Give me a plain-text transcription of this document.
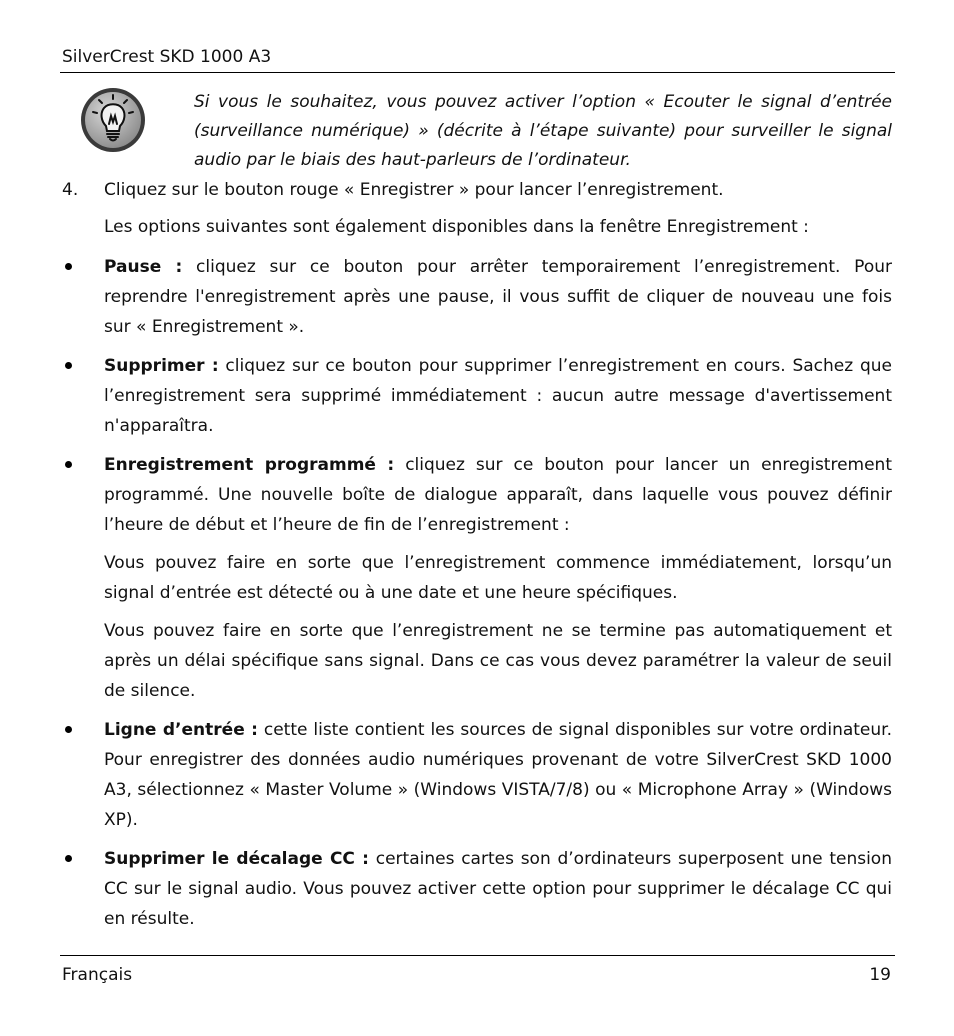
SilverCrest SKD 1000 A3
Si vous le souhaitez, vous pouvez activer l’option « Ecouter le signal d’entrée (surveillance numérique) » (décrite à l’étape suivante) pour surveiller le signal audio par le biais des haut-parleurs de l’ordinateur.
4. Cliquez sur le bouton rouge « Enregistrer » pour lancer l’enregistrement.
Les options suivantes sont également disponibles dans la fenêtre Enregistrement :
Pause : cliquez sur ce bouton pour arrêter temporairement l’enregistrement. Pour reprendre l'enregistrement après une pause, il vous suffit de cliquer de nouveau une fois sur « Enregistrement ».
Supprimer : cliquez sur ce bouton pour supprimer l’enregistrement en cours. Sachez que l’enregistrement sera supprimé immédiatement : aucun autre message d'avertissement n'apparaîtra.
Enregistrement programmé : cliquez sur ce bouton pour lancer un enregistrement programmé. Une nouvelle boîte de dialogue apparaît, dans laquelle vous pouvez définir l’heure de début et l’heure de fin de l’enregistrement :
Vous pouvez faire en sorte que l’enregistrement commence immédiatement, lorsqu’un signal d’entrée est détecté ou à une date et une heure spécifiques.
Vous pouvez faire en sorte que l’enregistrement ne se termine pas automatiquement et après un délai spécifique sans signal. Dans ce cas vous devez paramétrer la valeur de seuil de silence.
Ligne d’entrée : cette liste contient les sources de signal disponibles sur votre ordinateur. Pour enregistrer des données audio numériques provenant de votre SilverCrest SKD 1000 A3, sélectionnez « Master Volume » (Windows VISTA/7/8) ou « Microphone Array » (Windows XP).
Supprimer le décalage CC : certaines cartes son d’ordinateurs superposent une tension CC sur le signal audio. Vous pouvez activer cette option pour supprimer le décalage CC qui en résulte.
Français	19
